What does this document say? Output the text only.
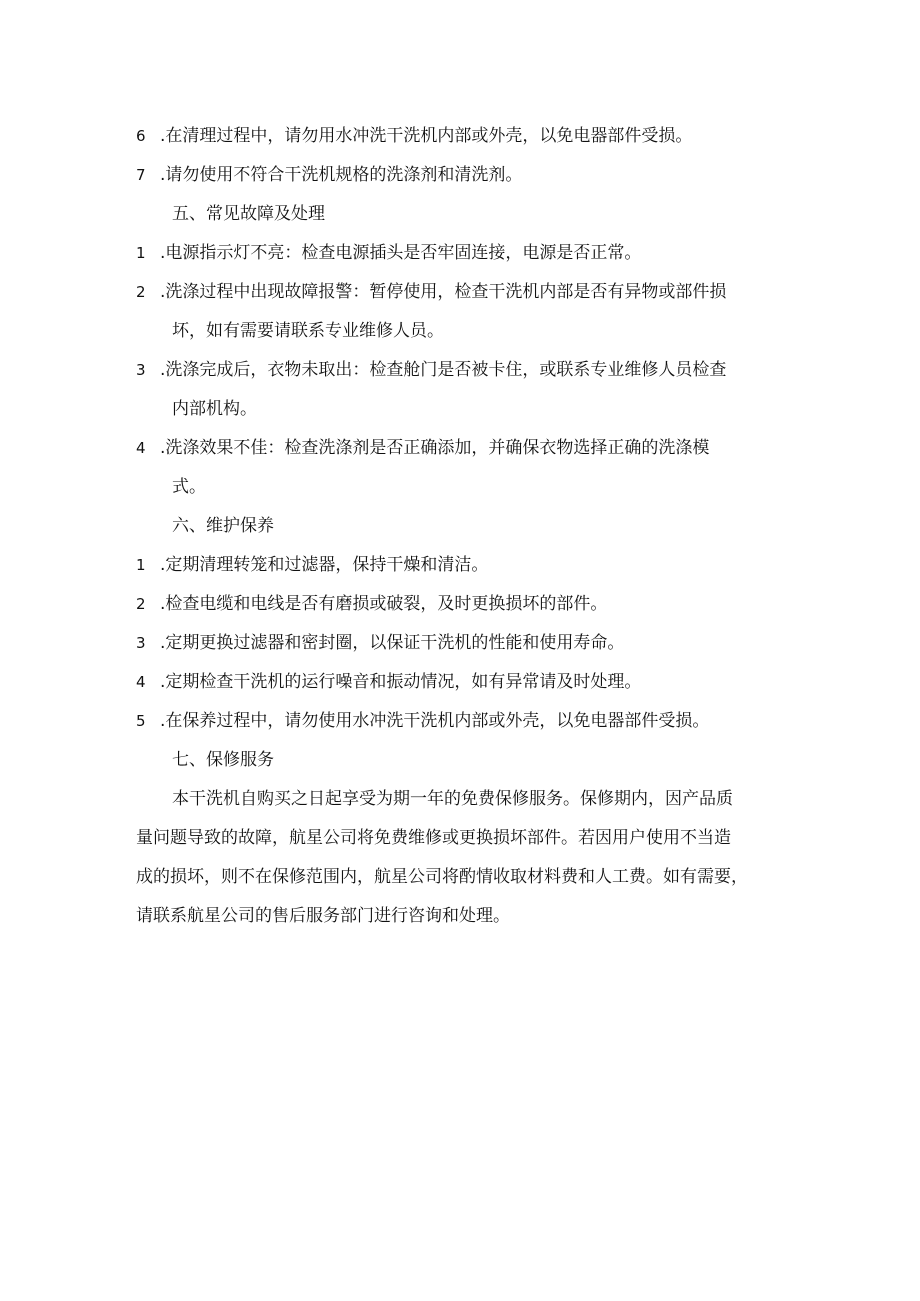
6 .在清理过程中，请勿用水冲洗干洗机内部或外壳，以免电器部件受损。
7 .请勿使用不符合干洗机规格的洗涤剂和清洗剂。
五、常见故障及处理
1 .电源指示灯不亮：检查电源插头是否牢固连接，电源是否正常。
2 .洗涤过程中出现故障报警：暂停使用，检查干洗机内部是否有异物或部件损
坏，如有需要请联系专业维修人员。
3 .洗涤完成后，衣物未取出：检查舱门是否被卡住，或联系专业维修人员检查
内部机构。
4 .洗涤效果不佳：检查洗涤剂是否正确添加，并确保衣物选择正确的洗涤模
式。
六、维护保养
1 .定期清理转笼和过滤器，保持干燥和清洁。
2 .检查电缆和电线是否有磨损或破裂，及时更换损坏的部件。
3 .定期更换过滤器和密封圈，以保证干洗机的性能和使用寿命。
4 .定期检查干洗机的运行噪音和振动情况，如有异常请及时处理。
5 .在保养过程中，请勿使用水冲洗干洗机内部或外壳，以免电器部件受损。
七、保修服务
本干洗机自购买之日起享受为期一年的免费保修服务。保修期内，因产品质
量问题导致的故障，航星公司将免费维修或更换损坏部件。若因用户使用不当造
成的损坏，则不在保修范围内，航星公司将酌情收取材料费和人工费。如有需要，
请联系航星公司的售后服务部门进行咨询和处理。
